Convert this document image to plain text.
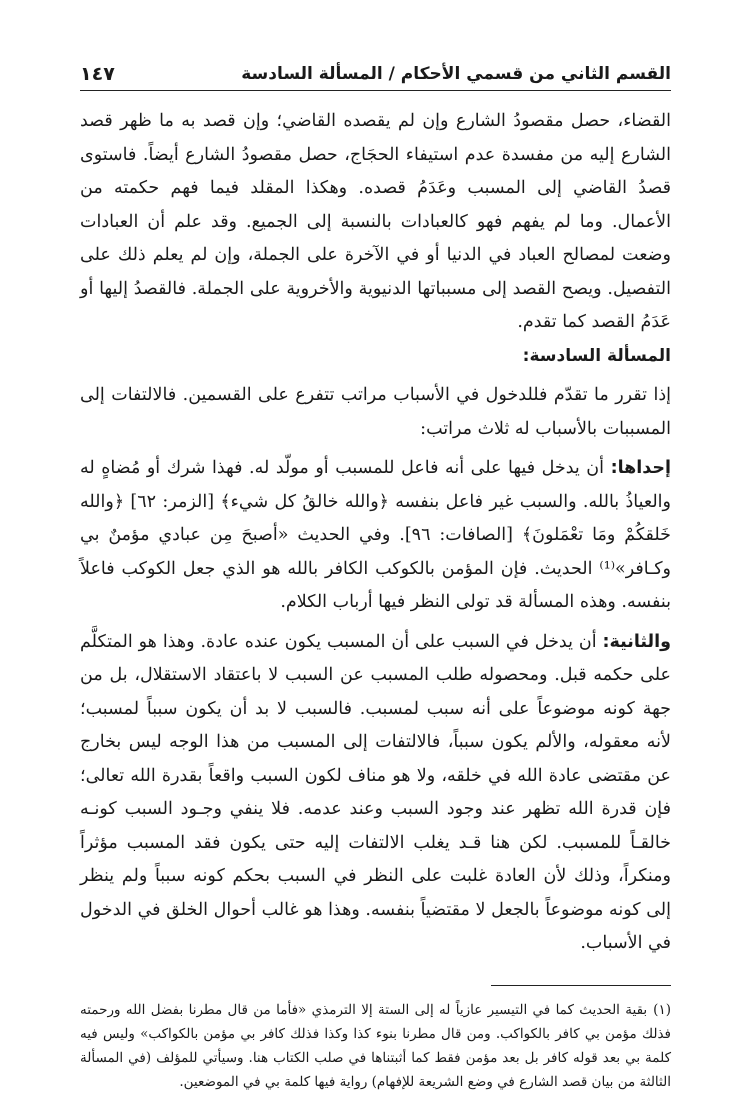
القسم الثاني من قسمي الأحكام / المسألة السادسة
١٤٧

القضاء، حصل مقصودُ الشارع وإن لم يقصده القاضي؛ وإن قصد به ما ظهر قصد الشارع إليه من مفسدة عدم استيفاء الحجَاج، حصل مقصودُ الشارع أيضاً. فاستوى قصدُ القاضي إلى المسبب وعَدَمُ قصده. وهكذا المقلد فيما فهم حكمته من الأعمال. وما لم يفهم فهو كالعبادات بالنسبة إلى الجميع. وقد علم أن العبادات وضعت لمصالح العباد في الدنيا أو في الآخرة على الجملة، وإن لم يعلم ذلك على التفصيل. ويصح القصد إلى مسبباتها الدنيوية والأخروية على الجملة. فالقصدُ إليها أو عَدَمُ القصد كما تقدم.

المسألة السادسة:

إذا تقرر ما تقدّم فللدخول في الأسباب مراتب تتفرع على القسمين. فالالتفات إلى المسببات بالأسباب له ثلاث مراتب:

إحداها: أن يدخل فيها على أنه فاعل للمسبب أو مولّد له. فهذا شرك أو مُضاهٍ له والعياذُ بالله. والسبب غير فاعل بنفسه ﴿والله خالقُ كل شيء﴾ [الزمر: ٦٢] ﴿والله خَلقكُمْ ومَا تعْمَلونَ﴾ [الصافات: ٩٦]. وفي الحديث «أصبحَ مِن عبادي مؤمنٌ بي وكـافر»⁽¹⁾ الحديث. فإن المؤمن بالكوكب الكافر بالله هو الذي جعل الكوكب فاعلاً بنفسه. وهذه المسألة قد تولى النظر فيها أرباب الكلام.

والثانية: أن يدخل في السبب على أن المسبب يكون عنده عادة. وهذا هو المتكلَّم على حكمه قبل. ومحصوله طلب المسبب عن السبب لا باعتقاد الاستقلال، بل من جهة كونه موضوعاً على أنه سبب لمسبب. فالسبب لا بد أن يكون سبباً لمسبب؛ لأنه معقوله، والألم يكون سبباً، فالالتفات إلى المسبب من هذا الوجه ليس بخارج عن مقتضى عادة الله في خلقه، ولا هو مناف لكون السبب واقعاً بقدرة الله تعالى؛ فإن قدرة الله تظهر عند وجود السبب وعند عدمه. فلا ينفي وجـود السبب كونـه خالقـاً للمسبب. لكن هنا قـد يغلب الالتفات إليه حتى يكون فقد المسبب مؤثراً ومنكراً، وذلك لأن العادة غلبت على النظر في السبب بحكم كونه سبباً ولم ينظر إلى كونه موضوعاً بالجعل لا مقتضياً بنفسه. وهذا هو غالب أحوال الخلق في الدخول في الأسباب.

(١)بقية الحديث كما في التيسير عازياً له إلى الستة إلا الترمذي «فأما من قال مطرنا بفضل الله ورحمته فذلك مؤمن بي كافر بالكواكب. ومن قال مطرنا بنوء كذا وكذا فذلك كافر بي مؤمن بالكواكب» وليس فيه كلمة بي بعد قوله كافر بل بعد مؤمن فقط كما أثبتناها في صلب الكتاب هنا. وسيأتي للمؤلف (في المسألة الثالثة من بيان قصد الشارع في وضع الشريعة للإفهام) رواية فيها كلمة بي في الموضعين.
